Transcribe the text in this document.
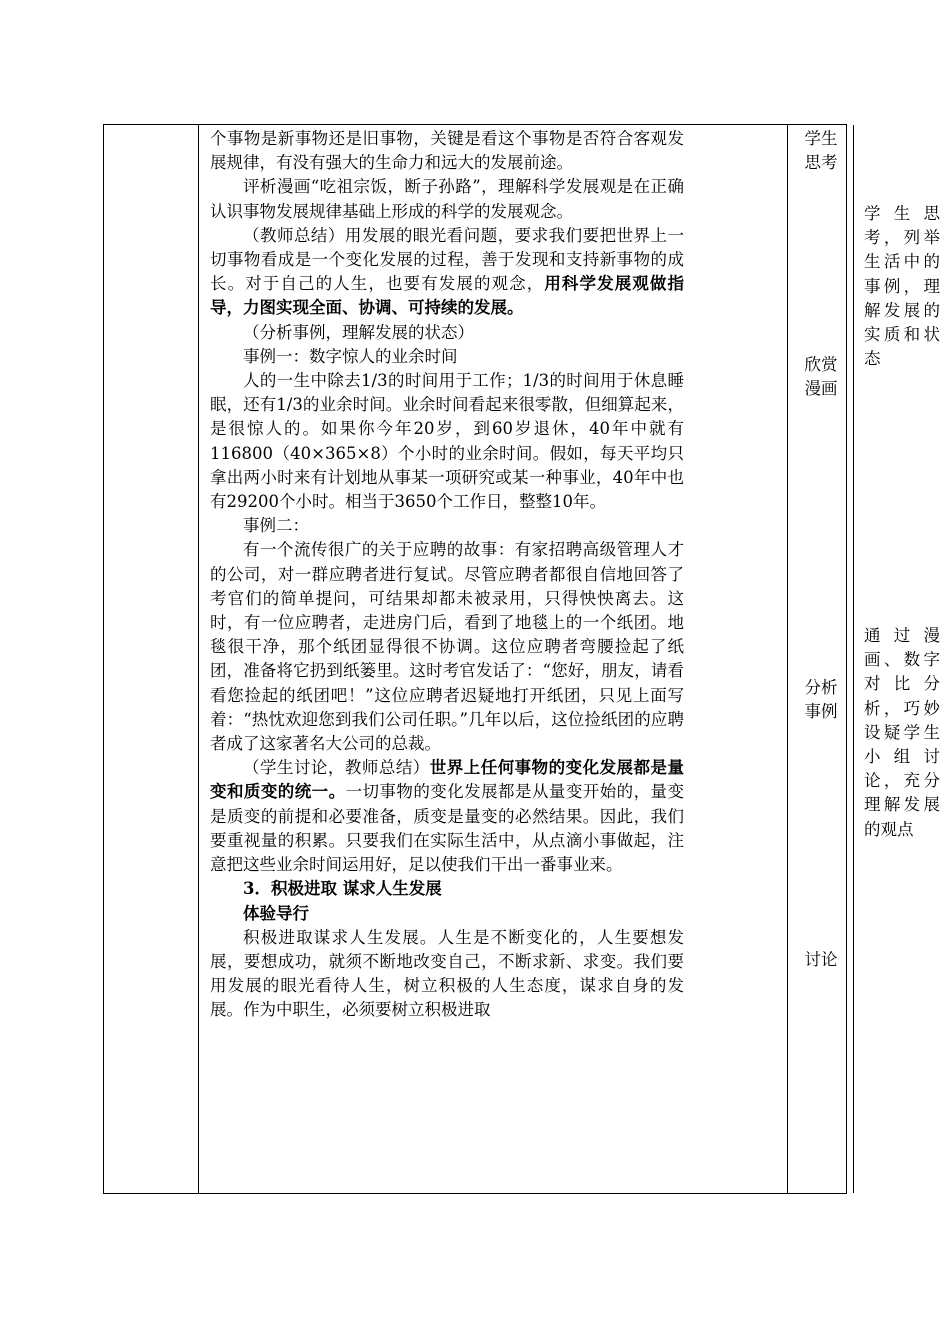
个事物是新事物还是旧事物，关键是看这个事物是否符合客观发展规律，有没有强大的生命力和远大的发展前途。

评析漫画“吃祖宗饭，断子孙路”，理解科学发展观是在正确认识事物发展规律基础上形成的科学的发展观念。

（教师总结）用发展的眼光看问题，要求我们要把世界上一切事物看成是一个变化发展的过程，善于发现和支持新事物的成长。对于自己的人生，也要有发展的观念，用科学发展观做指导，力图实现全面、协调、可持续的发展。

（分析事例，理解发展的状态）

事例一：数字惊人的业余时间

人的一生中除去1/3的时间用于工作；1/3的时间用于休息睡眠，还有1/3的业余时间。业余时间看起来很零散，但细算起来，是很惊人的。如果你今年20岁，到60岁退休，40年中就有116800（40×365×8）个小时的业余时间。假如，每天平均只拿出两小时来有计划地从事某一项研究或某一种事业，40年中也有29200个小时。相当于3650个工作日，整整10年。

事例二：

有一个流传很广的关于应聘的故事：有家招聘高级管理人才的公司，对一群应聘者进行复试。尽管应聘者都很自信地回答了考官们的简单提问，可结果却都未被录用，只得怏怏离去。这时，有一位应聘者，走进房门后，看到了地毯上的一个纸团。地毯很干净，那个纸团显得很不协调。这位应聘者弯腰捡起了纸团，准备将它扔到纸篓里。这时考官发话了：“您好，朋友，请看看您捡起的纸团吧！”这位应聘者迟疑地打开纸团，只见上面写着：“热忱欢迎您到我们公司任职。”几年以后，这位捡纸团的应聘者成了这家著名大公司的总裁。

（学生讨论，教师总结）世界上任何事物的变化发展都是量变和质变的统一。一切事物的变化发展都是从量变开始的，量变是质变的前提和必要准备，质变是量变的必然结果。因此，我们要重视量的积累。只要我们在实际生活中，从点滴小事做起，注意把这些业余时间运用好，足以使我们干出一番事业来。

3．积极进取 谋求人生发展

体验导行

积极进取谋求人生发展。人生是不断变化的，人生要想发展，要想成功，就须不断地改变自己，不断求新、求变。我们要用发展的眼光看待人生，树立积极的人生态度，谋求自身的发展。作为中职生，必须要树立积极进取

学生
思考
欣赏
漫画
分析
事例
讨论
学 生 思考，列举生活中的事例，理解发展的实质和状态
通 过 漫画、数字对 比 分析，巧妙设疑学生小 组 讨论，充分理解发展的观点
